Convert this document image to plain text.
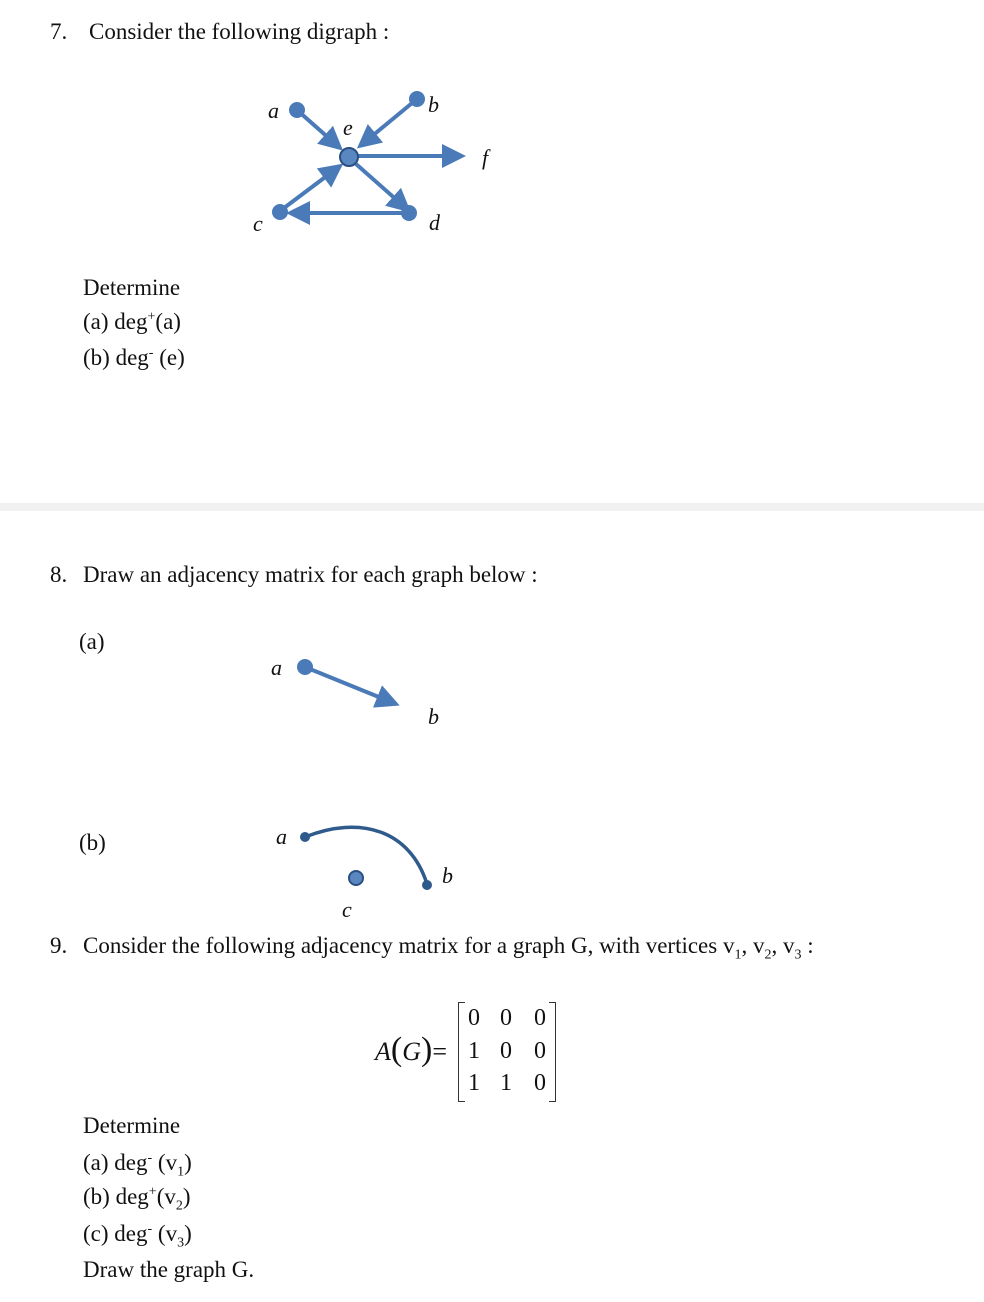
7. Consider the following digraph :
a	b
e
f
c	d
Determine
(a) deg+(a)
(b) deg- (e)
8. Draw an adjacency matrix for each graph below :
(a)
a
b
(b)	a
b
c
9. Consider the following adjacency matrix for a graph G, with vertices $v_1$, $v_2$, $v_3$ :
A(G)=
0 0 0
1 0 0
1 1 0
Determine
(a) deg- $(v_1)$
(b) $deg^+(v_2)$
(c) deg- $(v_3)$
Draw the graph G.
